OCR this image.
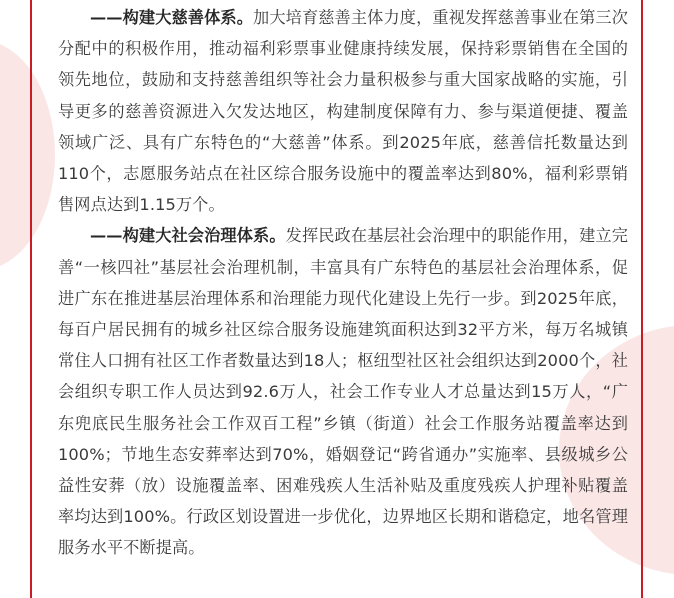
——构建大慈善体系。加大培育慈善主体力度，重视发挥慈善事业在第三次分配中的积极作用，推动福利彩票事业健康持续发展，保持彩票销售在全国的领先地位，鼓励和支持慈善组织等社会力量积极参与重大国家战略的实施，引导更多的慈善资源进入欠发达地区，构建制度保障有力、参与渠道便捷、覆盖领域广泛、具有广东特色的“大慈善”体系。到2025年底，慈善信托数量达到110个，志愿服务站点在社区综合服务设施中的覆盖率达到80%，福利彩票销售网点达到1.15万个。

——构建大社会治理体系。发挥民政在基层社会治理中的职能作用，建立完善“一核四社”基层社会治理机制，丰富具有广东特色的基层社会治理体系，促进广东在推进基层治理体系和治理能力现代化建设上先行一步。到2025年底，每百户居民拥有的城乡社区综合服务设施建筑面积达到32平方米，每万名城镇常住人口拥有社区工作者数量达到18人；枢纽型社区社会组织达到2000个，社会组织专职工作人员达到92.6万人，社会工作专业人才总量达到15万人，“广东兜底民生服务社会工作双百工程”乡镇（街道）社会工作服务站覆盖率达到100%；节地生态安葬率达到70%，婚姻登记“跨省通办”实施率、县级城乡公益性安葬（放）设施覆盖率、困难残疾人生活补贴及重度残疾人护理补贴覆盖率均达到100%。行政区划设置进一步优化，边界地区长期和谐稳定，地名管理服务水平不断提高。
